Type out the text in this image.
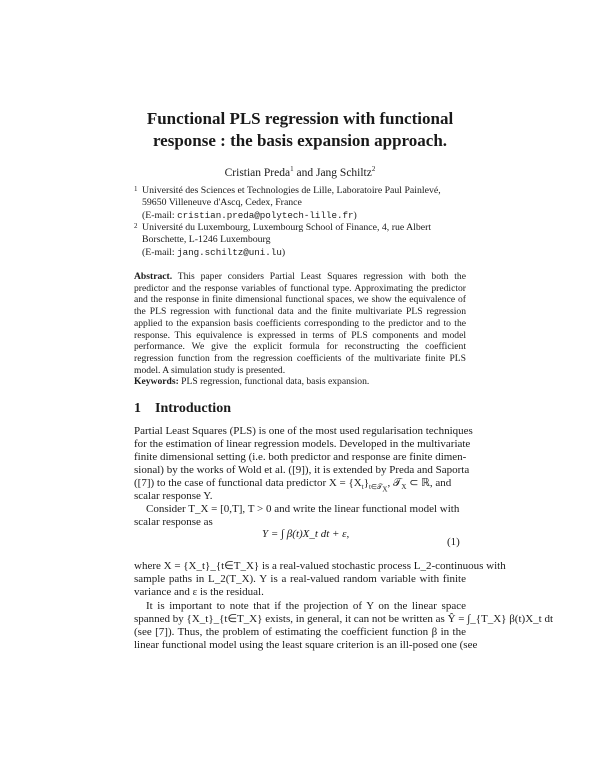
Functional PLS regression with functional
response : the basis expansion approach.
Cristian Preda$^1$ and Jang Schiltz$^2$
1 Université des Sciences et Technologies de Lille, Laboratoire Paul Painlevé,
59650 Villeneuve d'Ascq, Cedex, France
(E-mail: cristian.preda@polytech-lille.fr)
2 Université du Luxembourg, Luxembourg School of Finance, 4, rue Albert
Borschette, L-1246 Luxembourg
(E-mail: jang.schiltz@uni.lu)
Abstract. This paper considers Partial Least Squares regression with both the predictor and the response variables of functional type. Approximating the predictor and the response in finite dimensional functional spaces, we show the equivalence of the PLS regression with functional data and the finite multivariate PLS regression applied to the expansion basis coefficients corresponding to the predictor and to the response. This equivalence is expressed in terms of PLS components and model performance. We give the explicit formula for reconstructing the coefficient regression function from the regression coefficients of the multivariate finite PLS model. A simulation study is presented.
Keywords: PLS regression, functional data, basis expansion.
1 Introduction
Partial Least Squares (PLS) is one of the most used regularisation techniques
for the estimation of linear regression models. Developed in the multivariate
finite dimensional setting (i.e. both predictor and response are finite dimen-
sional) by the works of Wold et al. ([9]), it is extended by Preda and Saporta
([7]) to the case of functional data predictor $X = \{X_t\}_{t\in 𝒯_X}$, 𝒯$_X$ ⊂ ℝ, and
scalar response Y.
Consider T_X = [0,T], T > 0 and write the linear functional model with
scalar response as
Y = ∫ β(t)X_t dt + ε,
(1)
where X = {X_t}_{t∈T_X} is a real-valued stochastic process L_2-continuous with
sample paths in L_2(T_X). Y is a real-valued random variable with finite
variance and ε is the residual.
It is important to note that if the projection of Y on the linear space
spanned by {X_t}_{t∈T_X} exists, in general, it can not be written as Ŷ = ∫_{T_X} β(t)X_t dt
(see [7]). Thus, the problem of estimating the coefficient function β in the
linear functional model using the least square criterion is an ill-posed one (see
